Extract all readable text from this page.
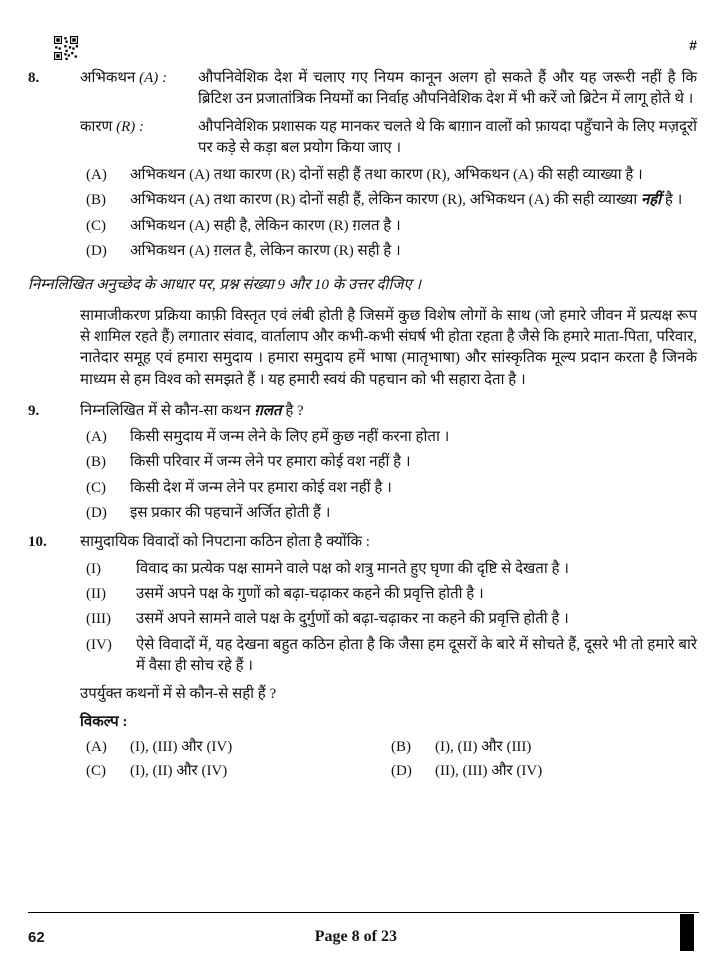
#
8.	अभिकथन (A) :	औपनिवेशिक देश में चलाए गए नियम कानून अलग हो सकते हैं और यह जरूरी नहीं है कि ब्रिटिश उन प्रजातांत्रिक नियमों का निर्वाह औपनिवेशिक देश में भी करें जो ब्रिटेन में लागू होते थे ।
कारण (R) :	औपनिवेशिक प्रशासक यह मानकर चलते थे कि बाग़ान वालों को फ़ायदा पहुँचाने के लिए मज़दूरों पर कड़े से कड़ा बल प्रयोग किया जाए ।
(A)	अभिकथन (A) तथा कारण (R) दोनों सही हैं तथा कारण (R), अभिकथन (A) की सही व्याख्या है ।
(B)	अभिकथन (A) तथा कारण (R) दोनों सही हैं, लेकिन कारण (R), अभिकथन (A) की सही व्याख्या नहीं है ।
(C)	अभिकथन (A) सही है, लेकिन कारण (R) ग़लत है ।
(D)	अभिकथन (A) ग़लत है, लेकिन कारण (R) सही है ।
निम्नलिखित अनुच्छेद के आधार पर, प्रश्न संख्या 9 और 10 के उत्तर दीजिए ।
सामाजीकरण प्रक्रिया काफ़ी विस्तृत एवं लंबी होती है जिसमें कुछ विशेष लोगों के साथ (जो हमारे जीवन में प्रत्यक्ष रूप से शामिल रहते हैं) लगातार संवाद, वार्तालाप और कभी-कभी संघर्ष भी होता रहता है जैसे कि हमारे माता-पिता, परिवार, नातेदार समूह एवं हमारा समुदाय । हमारा समुदाय हमें भाषा (मातृभाषा) और सांस्कृतिक मूल्य प्रदान करता है जिनके माध्यम से हम विश्व को समझते हैं । यह हमारी स्वयं की पहचान को भी सहारा देता है ।
9.	निम्नलिखित में से कौन-सा कथन ग़लत है ?
(A)	किसी समुदाय में जन्म लेने के लिए हमें कुछ नहीं करना होता ।
(B)	किसी परिवार में जन्म लेने पर हमारा कोई वश नहीं है ।
(C)	किसी देश में जन्म लेने पर हमारा कोई वश नहीं है ।
(D)	इस प्रकार की पहचानें अर्जित होती हैं ।
10.	सामुदायिक विवादों को निपटाना कठिन होता है क्योंकि :
(I)	विवाद का प्रत्येक पक्ष सामने वाले पक्ष को शत्रु मानते हुए घृणा की दृष्टि से देखता है ।
(II)	उसमें अपने पक्ष के गुणों को बढ़ा-चढ़ाकर कहने की प्रवृत्ति होती है ।
(III)	उसमें अपने सामने वाले पक्ष के दुर्गुणों को बढ़ा-चढ़ाकर ना कहने की प्रवृत्ति होती है ।
(IV)	ऐसे विवादों में, यह देखना बहुत कठिन होता है कि जैसा हम दूसरों के बारे में सोचते हैं, दूसरे भी तो हमारे बारे में वैसा ही सोच रहे हैं ।
उपर्युक्त कथनों में से कौन-से सही हैं ?
विकल्प :
(A)	(I), (III) और (IV)	(B)	(I), (II) और (III)
(C)	(I), (II) और (IV)	(D)	(II), (III) और (IV)
62	Page 8 of 23
